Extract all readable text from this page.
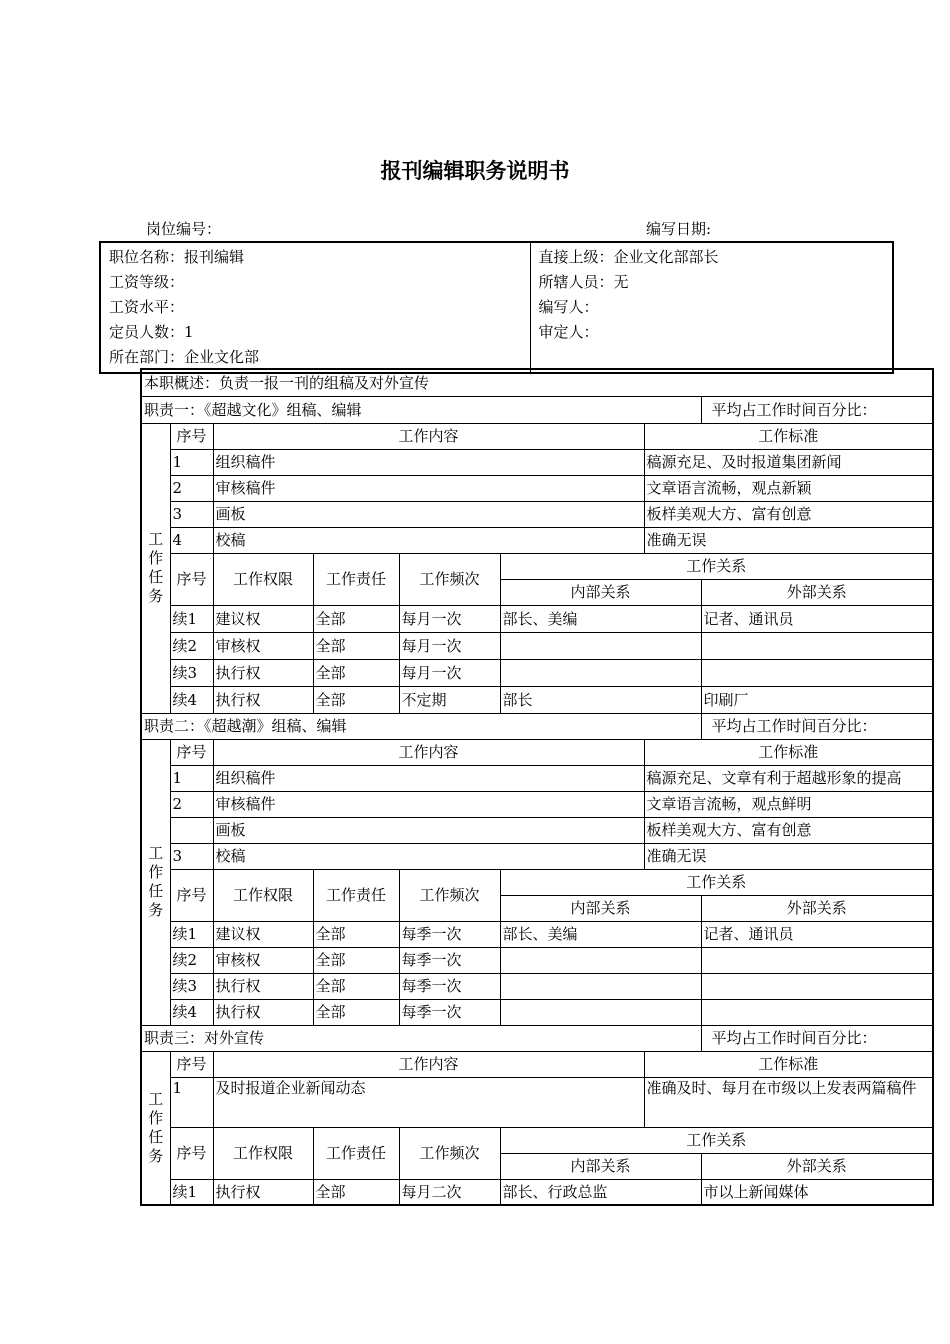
报刊编辑职务说明书
岗位编号：	编写日期:
职位名称：报刊编辑
工资等级：
工资水平：
定员人数：1
所在部门：企业文化部

直接上级：企业文化部部长
所辖人员：无
编写人：
审定人：
本职概述：负责一报一刊的组稿及对外宣传							
职责一：《超越文化》组稿、编辑							平均占工作时间百分比：
工作任务	序号	工作内容				工作标准	
	1	组织稿件				稿源充足、及时报道集团新闻	
	2	审核稿件				文章语言流畅，观点新颖	
	3	画板				板样美观大方、富有创意	
	4	校稿				准确无误	
	序号	工作权限	工作责任	工作频次	工作关系		
					内部关系		外部关系
	续1	建议权	全部	每月一次	部长、美编		记者、通讯员
	续2	审核权	全部	每月一次			
	续3	执行权	全部	每月一次			
	续4	执行权	全部	不定期	部长		印刷厂
职责二：《超越潮》组稿、编辑							平均占工作时间百分比：
工作任务	序号	工作内容				工作标准	
	1	组织稿件				稿源充足、文章有利于超越形象的提高	
	2	审核稿件				文章语言流畅，观点鲜明	
		画板				板样美观大方、富有创意	
	3	校稿				准确无误	
	序号	工作权限	工作责任	工作频次	工作关系		
					内部关系		外部关系
	续1	建议权	全部	每季一次	部长、美编		记者、通讯员
	续2	审核权	全部	每季一次			
	续3	执行权	全部	每季一次			
	续4	执行权	全部	每季一次			
职责三：对外宣传							平均占工作时间百分比：
工作任务	序号	工作内容				工作标准	
	1	及时报道企业新闻动态				准确及时、每月在市级以上发表两篇稿件	
	序号	工作权限	工作责任	工作频次	工作关系		
					内部关系		外部关系
	续1	执行权	全部	每月二次	部长、行政总监		市以上新闻媒体
